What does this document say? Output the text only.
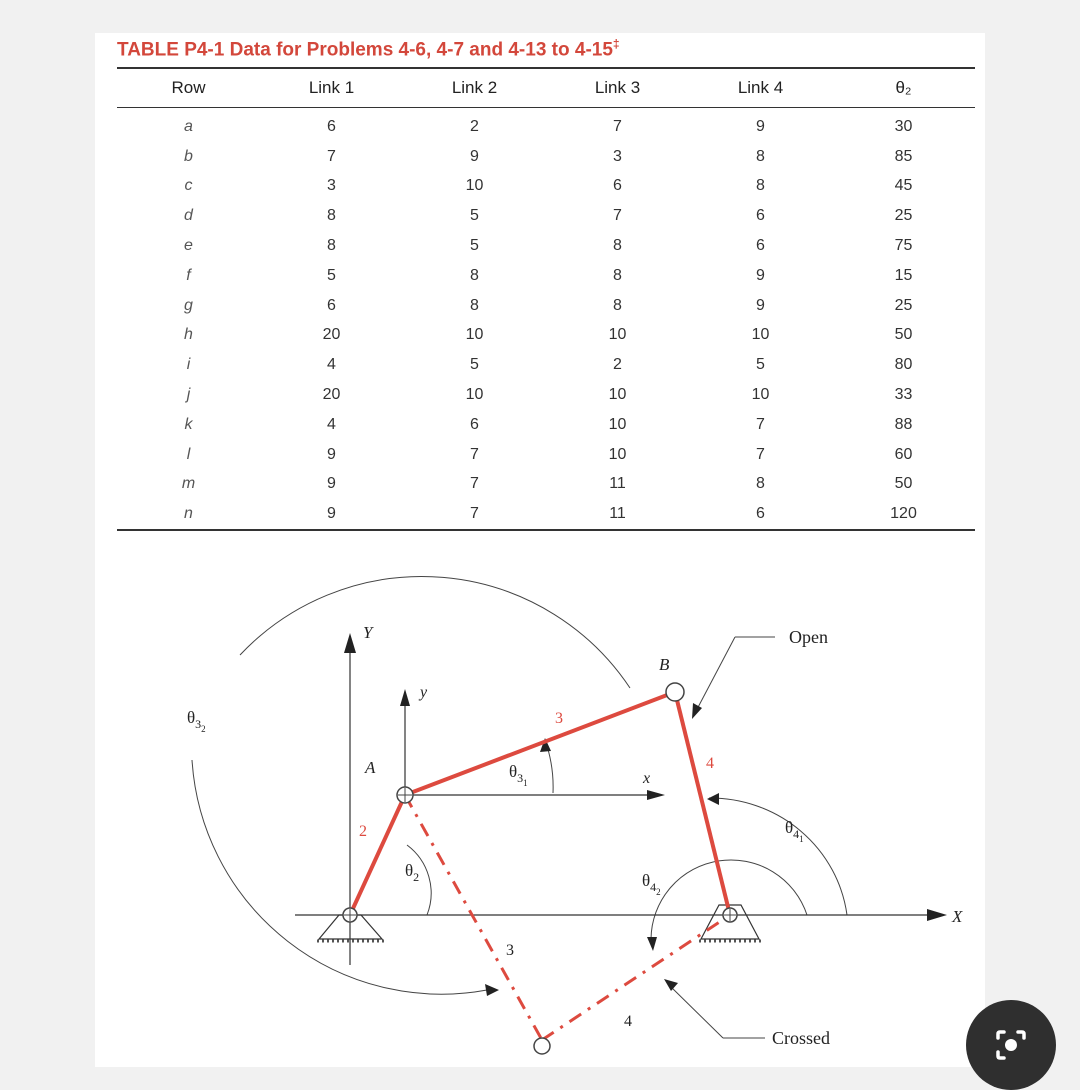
TABLE P4-1 Data for Problems 4-6, 4-7 and 4-13 to 4-15‡
Row	Link 1	Link 2	Link 3	Link 4	θ₂
a	6	2	7	9	30
b	7	9	3	8	85
c	3	10	6	8	45
d	8	5	7	6	25
e	8	5	8	6	75
f	5	8	8	9	15
g	6	8	8	9	25
h	20	10	10	10	50
i	4	5	2	5	80
j	20	10	10	10	33
k	4	6	10	7	88
l	9	7	10	7	60
m	9	7	11	8	50
n	9	7	11	6	120
Y
X
y
x
A
B
2
3
4
3
4
Open
Crossed
$\theta_2$
$\theta_{31}$
$\theta_{32}$
$\theta_{41}$
$\theta_{42}$
